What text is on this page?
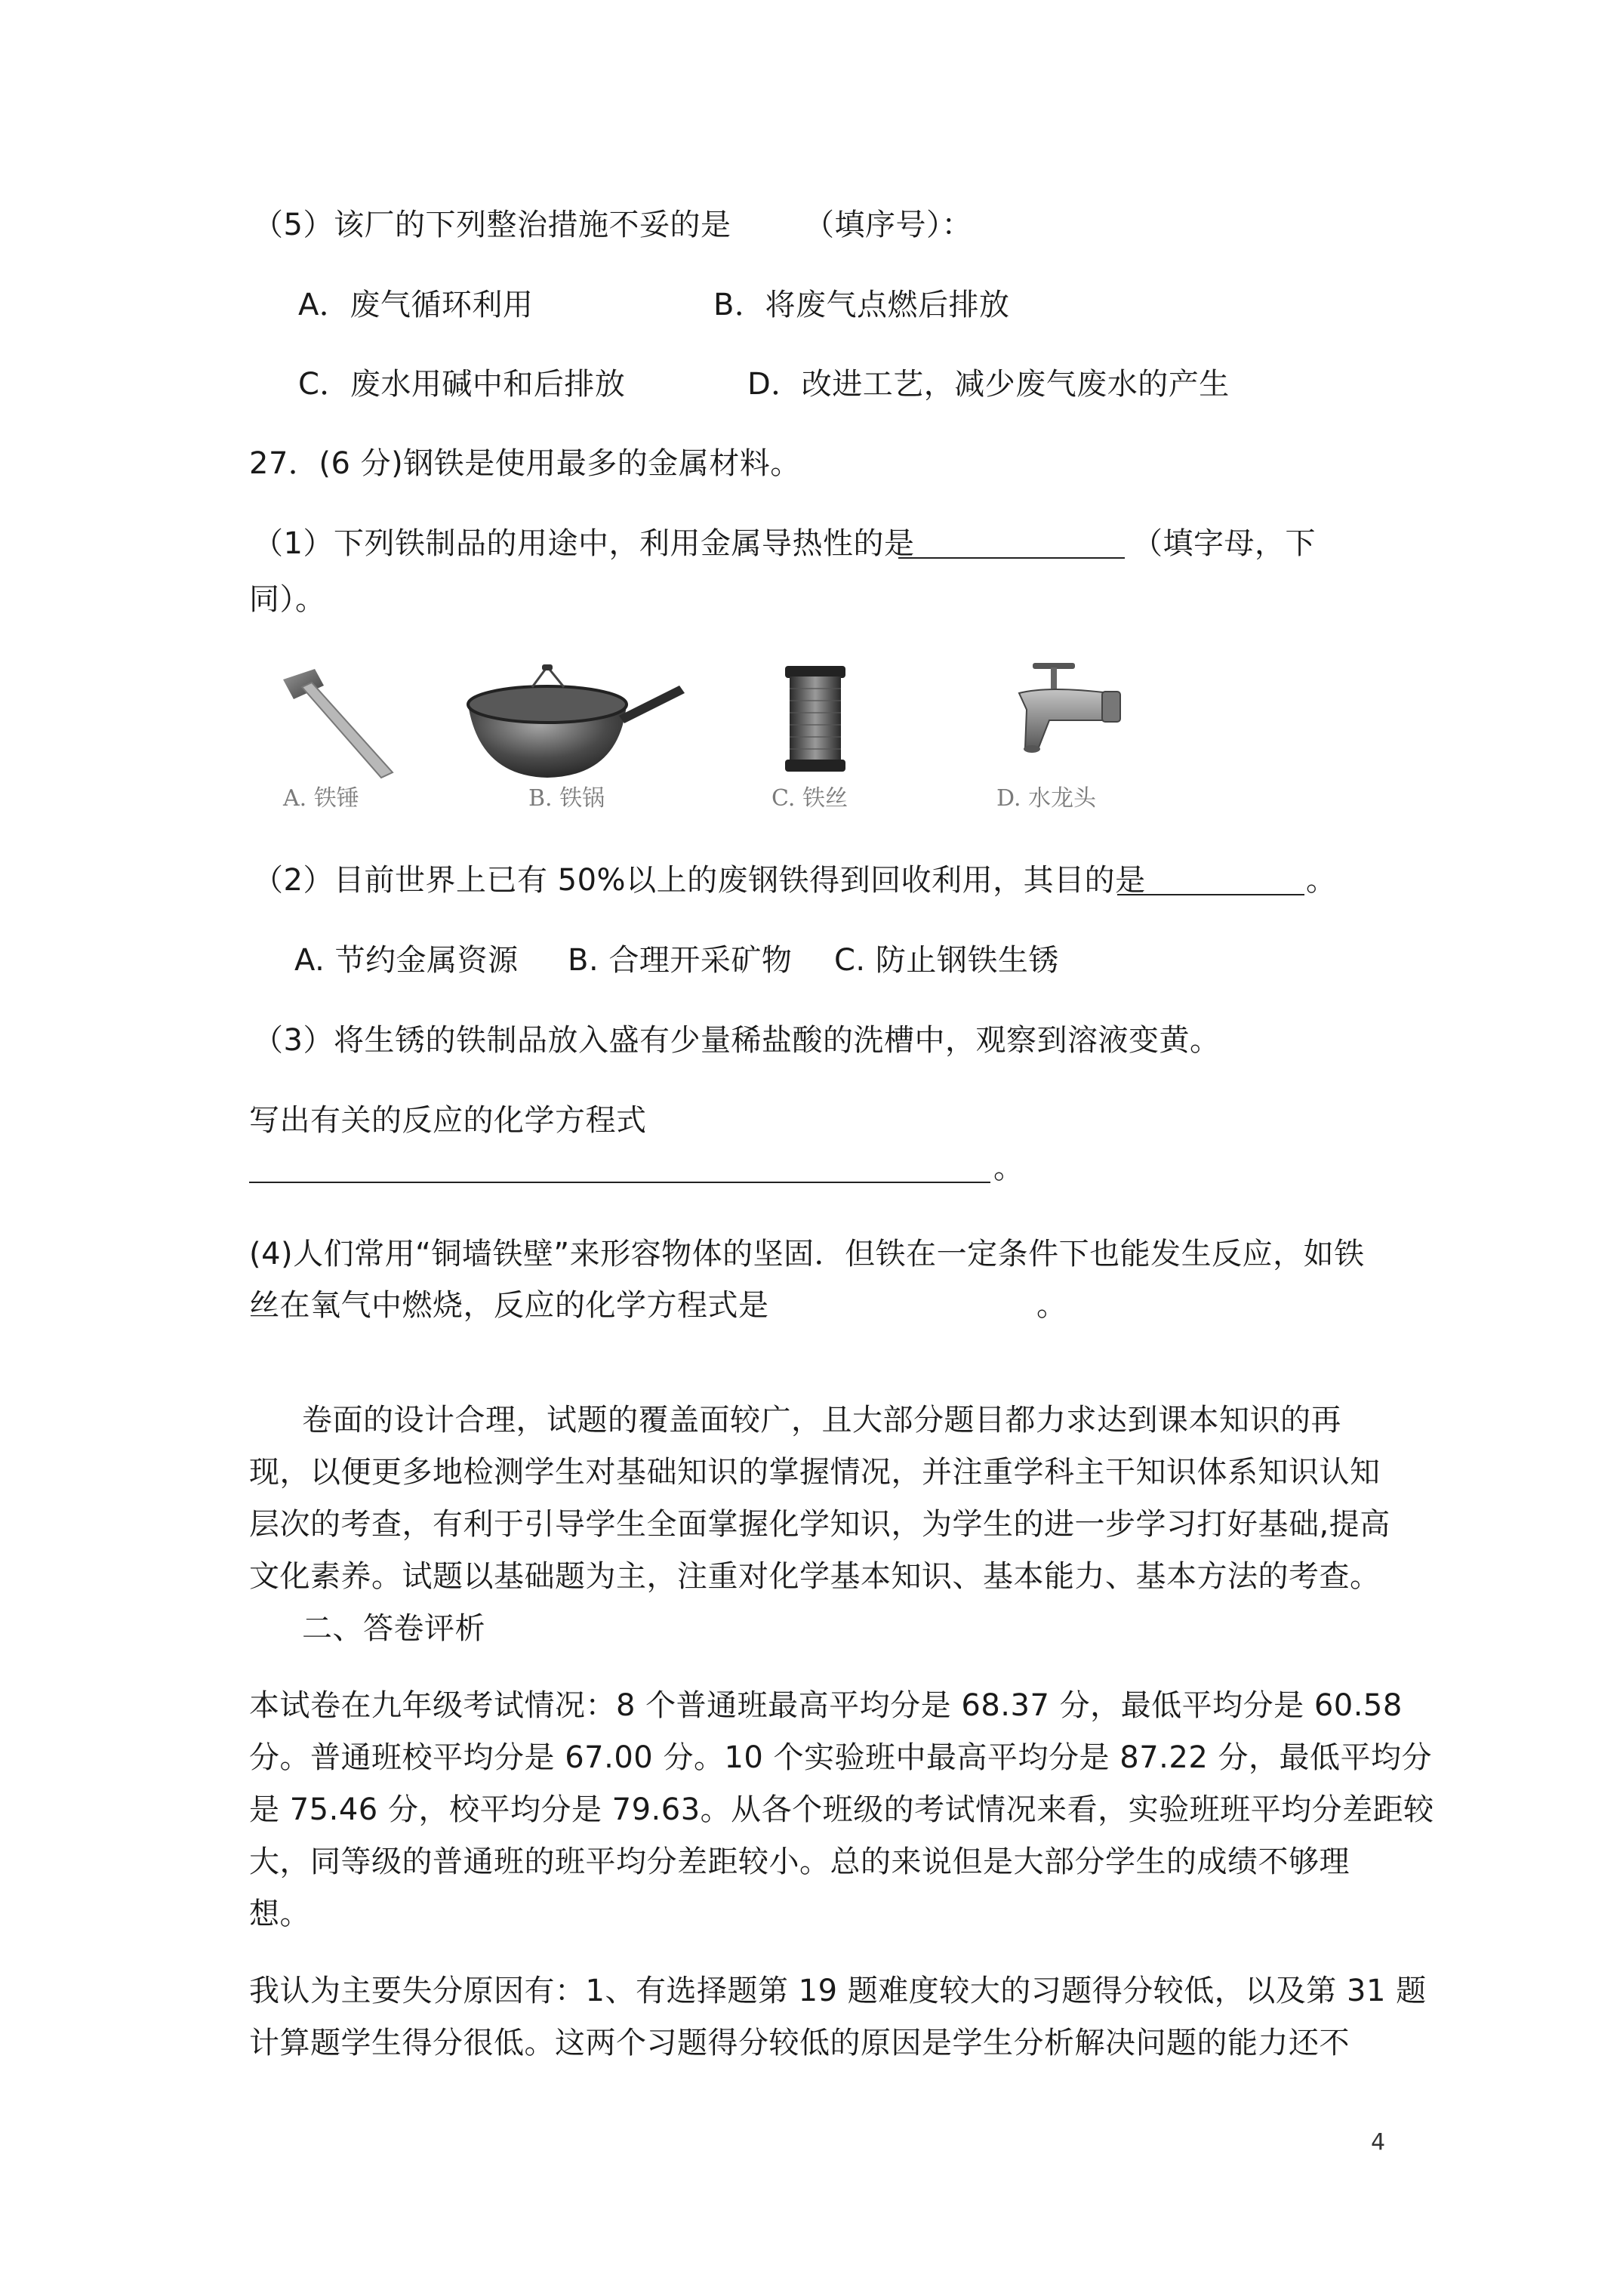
（5）该厂的下列整治措施不妥的是 （填序号）：
A．废气循环利用	B．将废气点燃后排放
C．废水用碱中和后排放	D．改进工艺，减少废气废水的产生
27．(6 分)钢铁是使用最多的金属材料。
（1）下列铁制品的用途中，利用金属导热性的是	（填字母，下
同）。
A. 铁锤	B. 铁锅	C. 铁丝	D. 水龙头
（2）目前世界上已有 50%以上的废钢铁得到回收利用，其目的是	。
A. 节约金属资源 B. 合理开采矿物 C. 防止钢铁生锈
（3）将生锈的铁制品放入盛有少量稀盐酸的洗槽中，观察到溶液变黄。
写出有关的反应的化学方程式
。
(4)人们常用“铜墙铁壁”来形容物体的坚固．但铁在一定条件下也能发生反应，如铁
丝在氧气中燃烧，反应的化学方程式是	。
卷面的设计合理，试题的覆盖面较广，且大部分题目都力求达到课本知识的再
现，以便更多地检测学生对基础知识的掌握情况，并注重学科主干知识体系知识认知
层次的考查，有利于引导学生全面掌握化学知识，为学生的进一步学习打好基础,提高
文化素养。试题以基础题为主，注重对化学基本知识、基本能力、基本方法的考查。
二、答卷评析
本试卷在九年级考试情况：8 个普通班最高平均分是 68.37 分，最低平均分是 60.58
分。普通班校平均分是 67.00 分。10 个实验班中最高平均分是 87.22 分，最低平均分
是 75.46 分，校平均分是 79.63。从各个班级的考试情况来看，实验班班平均分差距较
大，同等级的普通班的班平均分差距较小。总的来说但是大部分学生的成绩不够理
想。
我认为主要失分原因有：1、有选择题第 19 题难度较大的习题得分较低，以及第 31 题
计算题学生得分很低。这两个习题得分较低的原因是学生分析解决问题的能力还不
4
